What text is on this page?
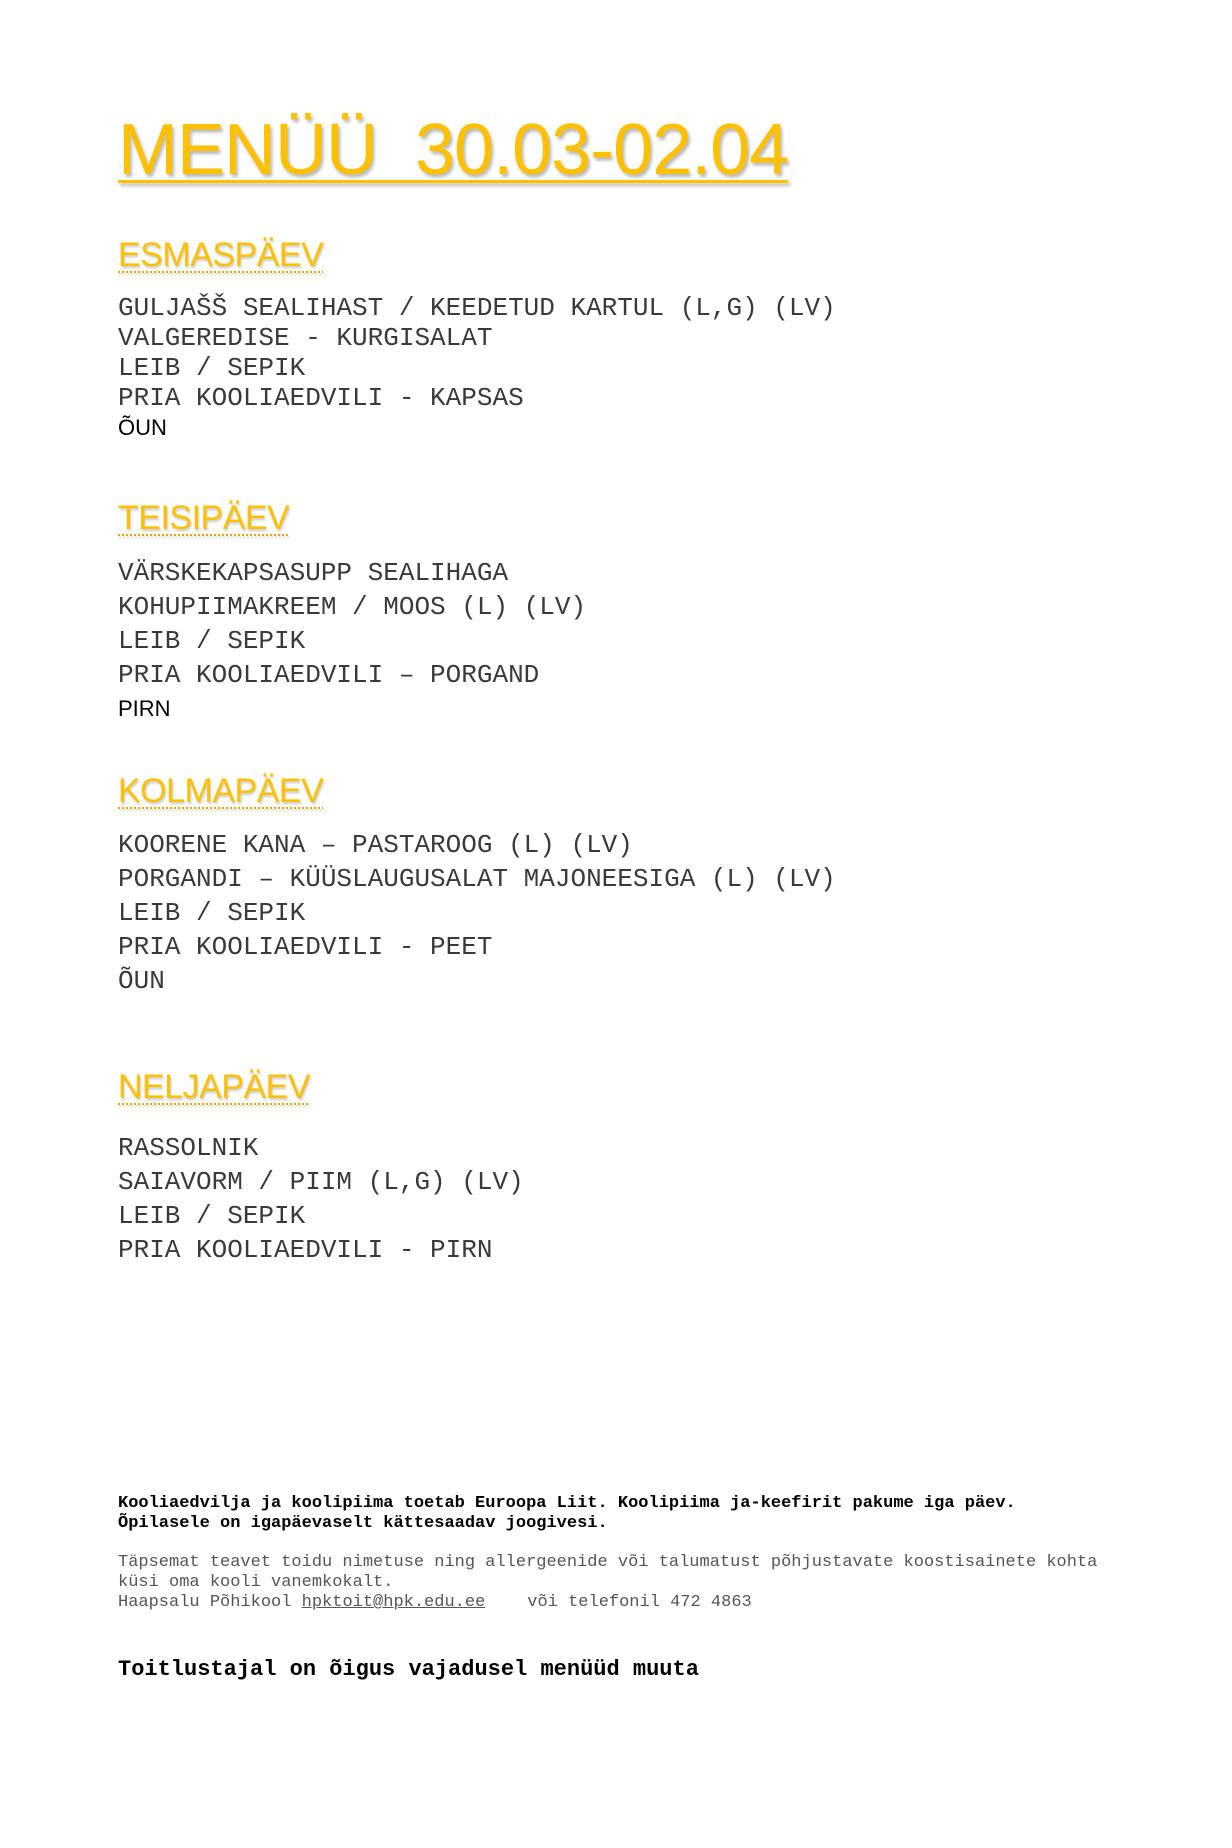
MENÜÜ  30.03-02.04
ESMASPÄEV
GULJAŠŠ SEALIHAST / KEEDETUD KARTUL (L,G) (LV)
VALGEREDISE - KURGISALAT
LEIB / SEPIK
PRIA KOOLIAEDVILI - KAPSAS
ÕUN
TEISIPÄEV
VÄRSKEKAPSASUPP SEALIHAGA
KOHUPIIMAKREEM / MOOS (L) (LV)
LEIB / SEPIK
PRIA KOOLIAEDVILI – PORGAND
PIRN
KOLMAPÄEV
KOORENE KANA – PASTAROOG (L) (LV)
PORGANDI – KÜÜSLAUGUSALAT MAJONEESIGA (L) (LV)
LEIB / SEPIK
PRIA KOOLIAEDVILI - PEET
ÕUN
NELJAPÄEV
RASSOLNIK
SAIAVORM / PIIM (L,G) (LV)
LEIB / SEPIK
PRIA KOOLIAEDVILI - PIRN
Kooliaedvilja ja koolipiima toetab Euroopa Liit. Koolipiima ja-keefirit pakume iga päev.
Õpilasele on igapäevaselt kättesaadav joogivesi.
Täpsemat teavet toidu nimetuse ning allergeenide või talumatust põhjustavate koostisainete kohta
küsi oma kooli vanemkokalt.
Haapsalu Põhikool hpktoit@hpk.edu.ee või telefonil 472 4863
Toitlustajal on õigus vajadusel menüüd muuta
